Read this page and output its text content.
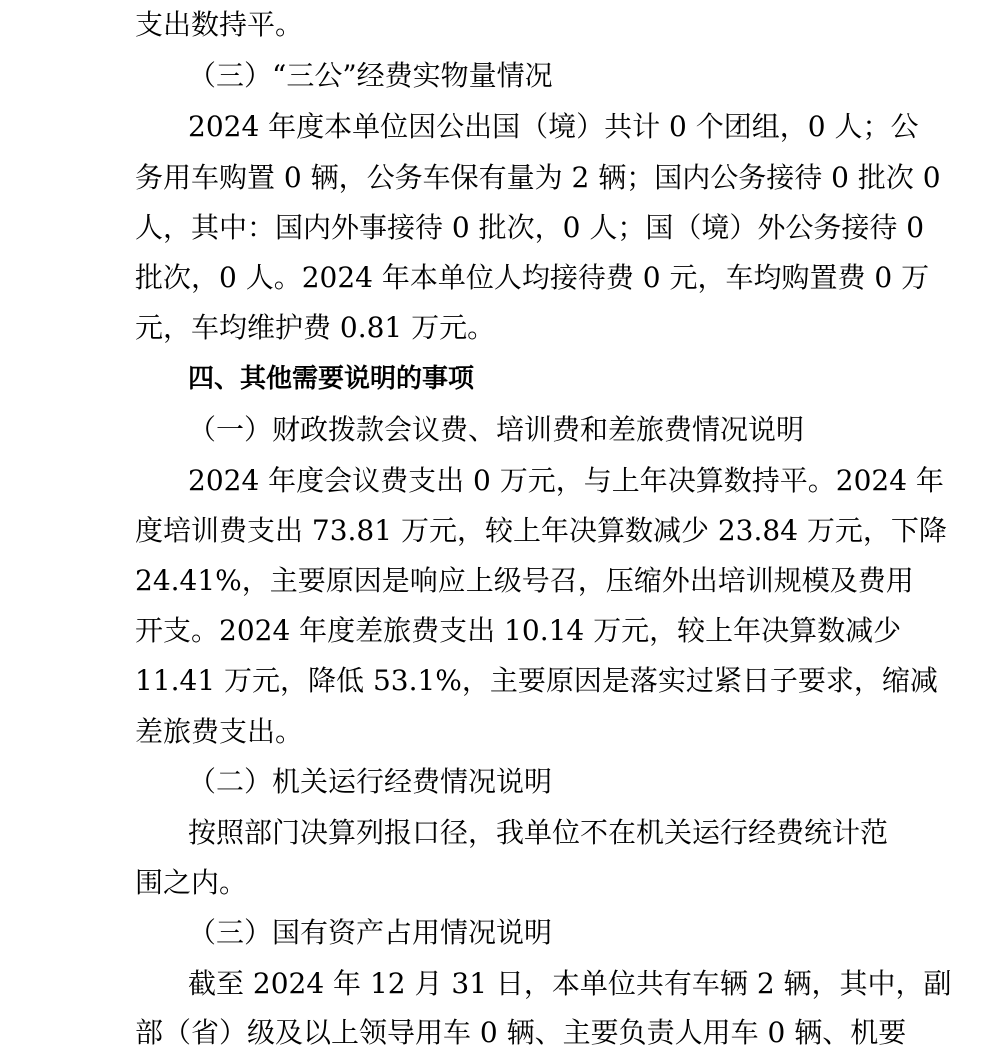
支出数持平。
（三）“三公”经费实物量情况
2024 年度本单位因公出国（境）共计 0 个团组，0 人；公
务用车购置 0 辆，公务车保有量为 2 辆；国内公务接待 0 批次 0
人，其中：国内外事接待 0 批次，0 人；国（境）外公务接待 0
批次，0 人。2024 年本单位人均接待费 0 元，车均购置费 0 万
元，车均维护费 0.81 万元。
四、其他需要说明的事项
（一）财政拨款会议费、培训费和差旅费情况说明
2024 年度会议费支出 0 万元，与上年决算数持平。2024 年
度培训费支出 73.81 万元，较上年决算数减少 23.84 万元，下降
24.41%，主要原因是响应上级号召，压缩外出培训规模及费用
开支。2024 年度差旅费支出 10.14 万元，较上年决算数减少
11.41 万元，降低 53.1%，主要原因是落实过紧日子要求，缩减
差旅费支出。
（二）机关运行经费情况说明
按照部门决算列报口径，我单位不在机关运行经费统计范
围之内。
（三）国有资产占用情况说明
截至 2024 年 12 月 31 日，本单位共有车辆 2 辆，其中，副
部（省）级及以上领导用车 0 辆、主要负责人用车 0 辆、机要
